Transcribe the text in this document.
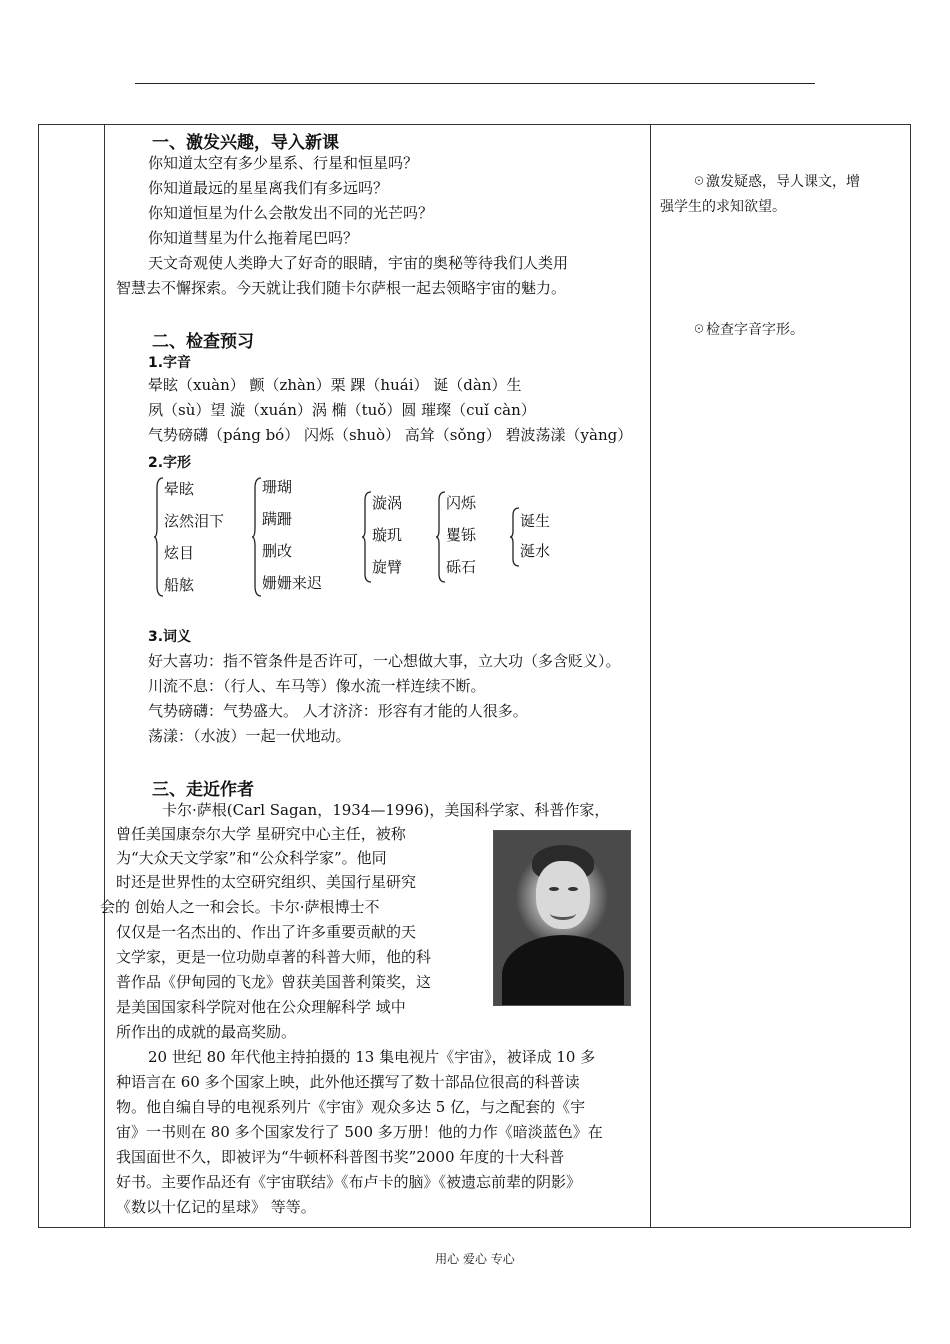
一、激发兴趣，导入新课
你知道太空有多少星系、行星和恒星吗？
你知道最远的星星离我们有多远吗？
你知道恒星为什么会散发出不同的光芒吗？
你知道彗星为什么拖着尾巴吗？
天文奇观使人类睁大了好奇的眼睛，宇宙的奥秘等待我们人类用
智慧去不懈探索。今天就让我们随卡尔萨根一起去领略宇宙的魅力。
二、检查预习
1.字音
晕眩（xuàn） 颤（zhàn）栗 踝（huái） 诞（dàn）生
夙（sù）望 漩（xuán）涡 椭（tuǒ）圆 璀璨（cuǐ càn）
气势磅礴（páng bó） 闪烁（shuò） 高耸（sǒng） 碧波荡漾（yàng）
2.字形
晕眩
泫然泪下
炫目
船舷
珊瑚
蹒跚
删改
姗姗来迟
漩涡
璇玑
旋臂
闪烁
矍铄
砾石
诞生
涎水
3.词义
好大喜功：指不管条件是否许可，一心想做大事，立大功（多含贬义）。
川流不息：（行人、车马等）像水流一样连续不断。
气势磅礴：气势盛大。 人才济济：形容有才能的人很多。
荡漾：（水波）一起一伏地动。
三、走近作者
卡尔·萨根(Carl Sagan，1934—1996)，美国科学家、科普作家，
曾任美国康奈尔大学 星研究中心主任，被称
为“大众天文学家”和“公众科学家”。他同
时还是世界性的太空研究组织、美国行星研究
会的 创始人之一和会长。卡尔·萨根博士不
仅仅是一名杰出的、作出了许多重要贡献的天
文学家，更是一位功勋卓著的科普大师，他的科
普作品《伊甸园的飞龙》曾获美国普利策奖，这
是美国国家科学院对他在公众理解科学 域中
所作出的成就的最高奖励。
20 世纪 80 年代他主持拍摄的 13 集电视片《宇宙》，被译成 10 多
种语言在 60 多个国家上映，此外他还撰写了数十部品位很高的科普读
物。他自编自导的电视系列片《宇宙》观众多达 5 亿，与之配套的《宇
宙》一书则在 80 多个国家发行了 500 多万册！他的力作《暗淡蓝色》在
我国面世不久，即被评为“牛顿杯科普图书奖”2000 年度的十大科普
好书。主要作品还有《宇宙联结》《布卢卡的脑》《被遗忘前辈的阴影》
《数以十亿记的星球》 等等。
☉激发疑惑，导人课文，增
强学生的求知欲望。
☉检查字音字形。
用心 爱心 专心
